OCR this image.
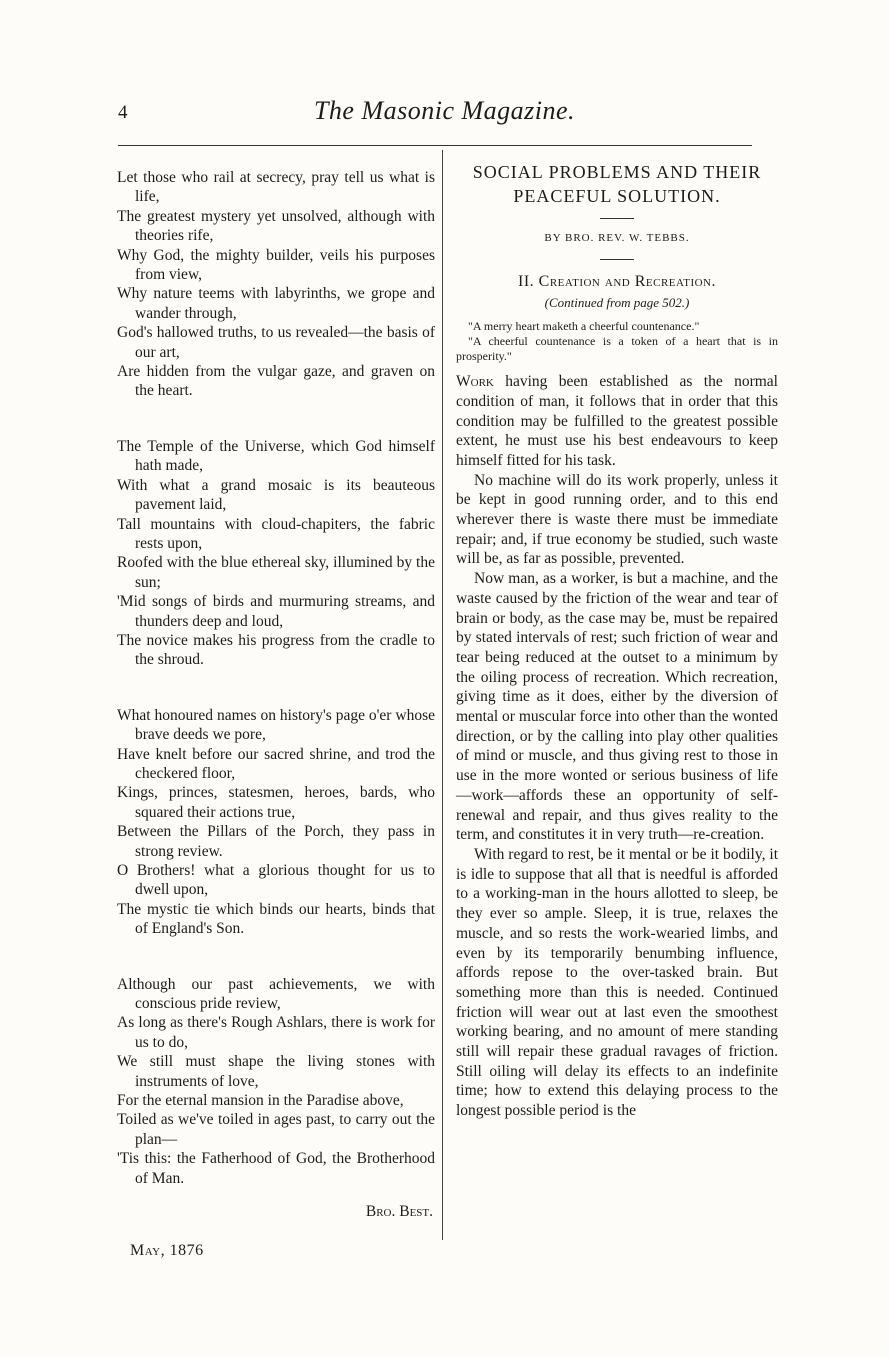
4	The Masonic Magazine.
Let those who rail at secrecy, pray tell us what is life,
The greatest mystery yet unsolved, although with theories rife,
Why God, the mighty builder, veils his purposes from view,
Why nature teems with labyrinths, we grope and wander through,
God's hallowed truths, to us revealed—the basis of our art,
Are hidden from the vulgar gaze, and graven on the heart.
The Temple of the Universe, which God himself hath made,
With what a grand mosaic is its beauteous pavement laid,
Tall mountains with cloud-chapiters, the fabric rests upon,
Roofed with the blue ethereal sky, illumined by the sun;
'Mid songs of birds and murmuring streams, and thunders deep and loud,
The novice makes his progress from the cradle to the shroud.
What honoured names on history's page o'er whose brave deeds we pore,
Have knelt before our sacred shrine, and trod the checkered floor,
Kings, princes, statesmen, heroes, bards, who squared their actions true,
Between the Pillars of the Porch, they pass in strong review.
O Brothers! what a glorious thought for us to dwell upon,
The mystic tie which binds our hearts, binds that of England's Son.
Although our past achievements, we with conscious pride review,
As long as there's Rough Ashlars, there is work for us to do,
We still must shape the living stones with instruments of love,
For the eternal mansion in the Paradise above,
Toiled as we've toiled in ages past, to carry out the plan—
'Tis this: the Fatherhood of God, the Brotherhood of Man.
Bro. Best.
May, 1876
SOCIAL PROBLEMS AND THEIR PEACEFUL SOLUTION.
BY BRO. REV. W. TEBBS.
II. Creation and Recreation.
(Continued from page 502.)
"A merry heart maketh a cheerful countenance."
"A cheerful countenance is a token of a heart that is in prosperity."

Work having been established as the normal condition of man, it follows that in order that this condition may be fulfilled to the greatest possible extent, he must use his best endeavours to keep himself fitted for his task.

No machine will do its work properly, unless it be kept in good running order, and to this end wherever there is waste there must be immediate repair; and, if true economy be studied, such waste will be, as far as possible, prevented.

Now man, as a worker, is but a machine, and the waste caused by the friction of the wear and tear of brain or body, as the case may be, must be repaired by stated intervals of rest; such friction of wear and tear being reduced at the outset to a minimum by the oiling process of recreation. Which recreation, giving time as it does, either by the diversion of mental or muscular force into other than the wonted direction, or by the calling into play other qualities of mind or muscle, and thus giving rest to those in use in the more wonted or serious business of life—work—affords these an opportunity of self-renewal and repair, and thus gives reality to the term, and constitutes it in very truth—re-creation.

With regard to rest, be it mental or be it bodily, it is idle to suppose that all that is needful is afforded to a working-man in the hours allotted to sleep, be they ever so ample. Sleep, it is true, relaxes the muscle, and so rests the work-wearied limbs, and even by its temporarily benumbing influence, affords repose to the over-tasked brain. But something more than this is needed. Continued friction will wear out at last even the smoothest working bearing, and no amount of mere standing still will repair these gradual ravages of friction. Still oiling will delay its effects to an indefinite time; how to extend this delaying process to the longest possible period is the
